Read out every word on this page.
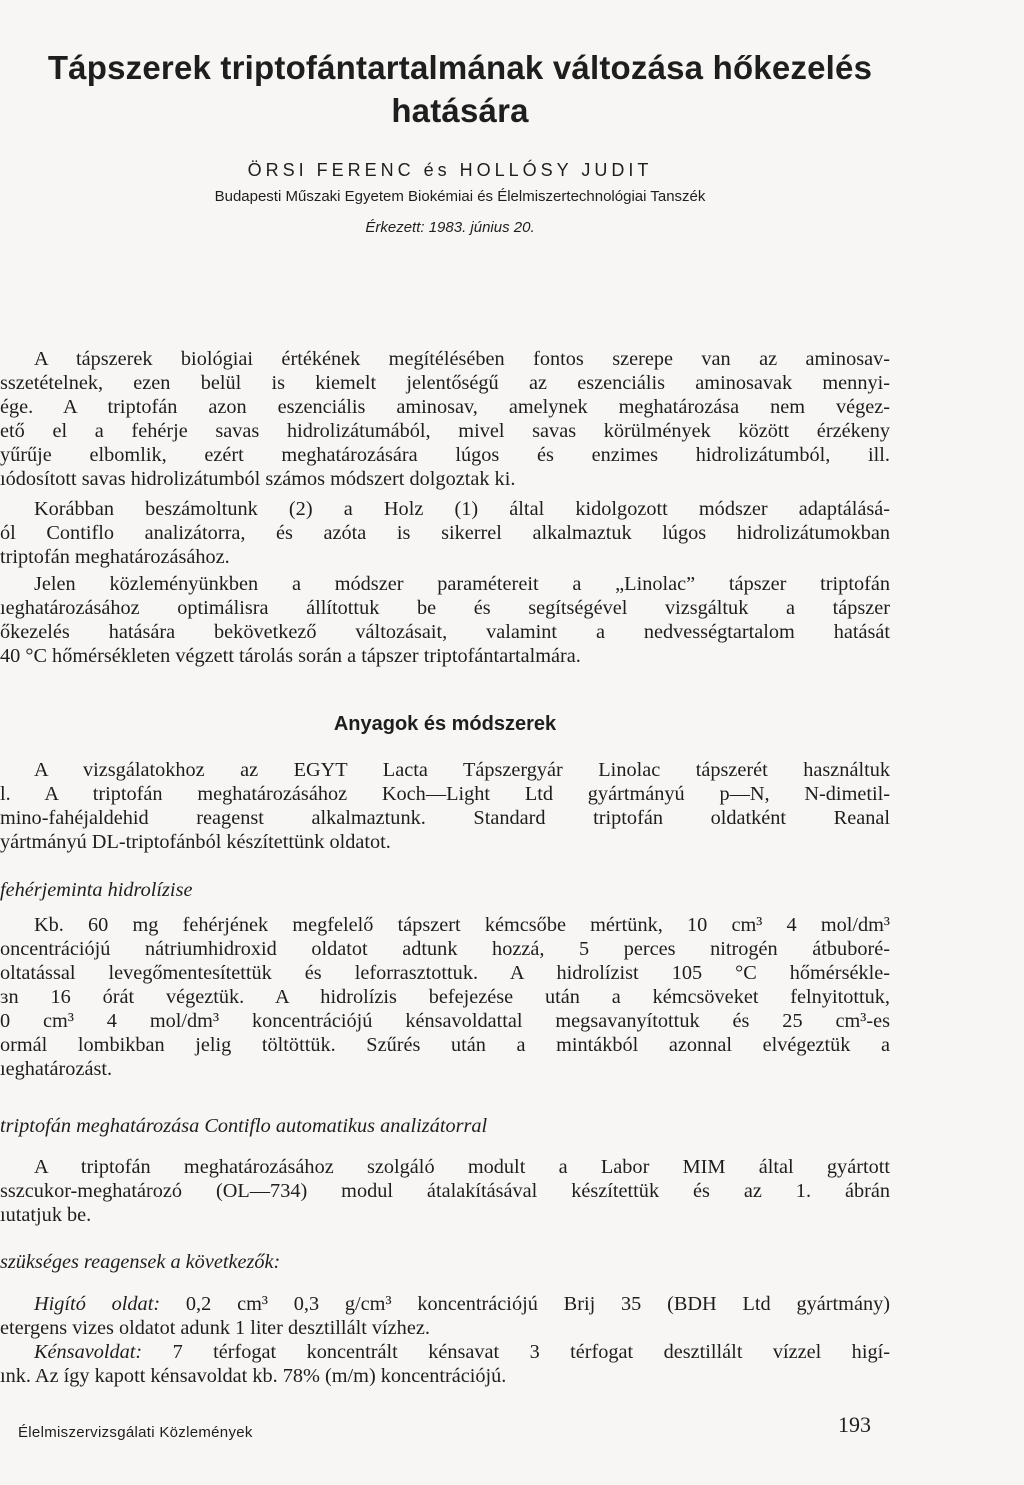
Tápszerek triptofántartalmának változása hőkezelés
hatására

ÖRSI FERENC és HOLLÓSY JUDIT

Budapesti Műszaki Egyetem Biokémiai és Élelmiszertechnológiai Tanszék

Érkezett: 1983. június 20.

A tápszerek biológiai értékének megítélésében fontos szerepe van az aminosav-
sszetételnek, ezen belül is kiemelt jelentőségű az eszenciális aminosavak mennyi-
ége. A triptofán azon eszenciális aminosav, amelynek meghatározása nem végez-
ető el a fehérje savas hidrolizátumából, mivel savas körülmények között érzékeny
yűrűje elbomlik, ezért meghatározására lúgos és enzimes hidrolizátumból, ill.
ıódosított savas hidrolizátumból számos módszert dolgoztak ki.
Korábban beszámoltunk (2) a Holz (1) által kidolgozott módszer adaptálásá-
ól Contiflo analizátorra, és azóta is sikerrel alkalmaztuk lúgos hidrolizátumokban
triptofán meghatározásához.
Jelen közleményünkben a módszer paramétereit a „Linolac” tápszer triptofán
ıeghatározásához optimálisra állítottuk be és segítségével vizsgáltuk a tápszer
őkezelés hatására bekövetkező változásait, valamint a nedvességtartalom hatását
40 °C hőmérsékleten végzett tárolás során a tápszer triptofántartalmára.
Anyagok és módszerek
A vizsgálatokhoz az EGYT Lacta Tápszergyár Linolac tápszerét használtuk
l. A triptofán meghatározásához Koch—Light Ltd gyártmányú p—N, N-dimetil-
mino-fahéjaldehid reagenst alkalmaztunk. Standard triptofán oldatként Reanal
yártmányú DL-triptofánból készítettünk oldatot.

fehérjeminta hidrolízise

Kb. 60 mg fehérjének megfelelő tápszert kémcsőbe mértünk, 10 cm³ 4 mol/dm³
oncentrációjú nátriumhidroxid oldatot adtunk hozzá, 5 perces nitrogén átbuboré-
oltatással levegőmentesítettük és leforrasztottuk. A hidrolízist 105 °C hőmérsékle-
ɜn 16 órát végeztük. A hidrolízis befejezése után a kémcsöveket felnyitottuk,
0 cm³ 4 mol/dm³ koncentrációjú kénsavoldattal megsavanyítottuk és 25 cm³-es
ormál lombikban jelig töltöttük. Szűrés után a mintákból azonnal elvégeztük a
ıeghatározást.

triptofán meghatározása Contiflo automatikus analizátorral

A triptofán meghatározásához szolgáló modult a Labor MIM által gyártott
sszcukor-meghatározó (OL—734) modul átalakításával készítettük és az 1. ábrán
ıutatjuk be.

szükséges reagensek a következők:

Higító oldat: 0,2 cm³ 0,3 g/cm³ koncentrációjú Brij 35 (BDH Ltd gyártmány)
etergens vizes oldatot adunk 1 liter desztillált vízhez.
Kénsavoldat: 7 térfogat koncentrált kénsavat 3 térfogat desztillált vízzel higí-
ınk. Az így kapott kénsavoldat kb. 78% (m/m) koncentrációjú.

Élelmiszervizsgálati Közlemények	193
